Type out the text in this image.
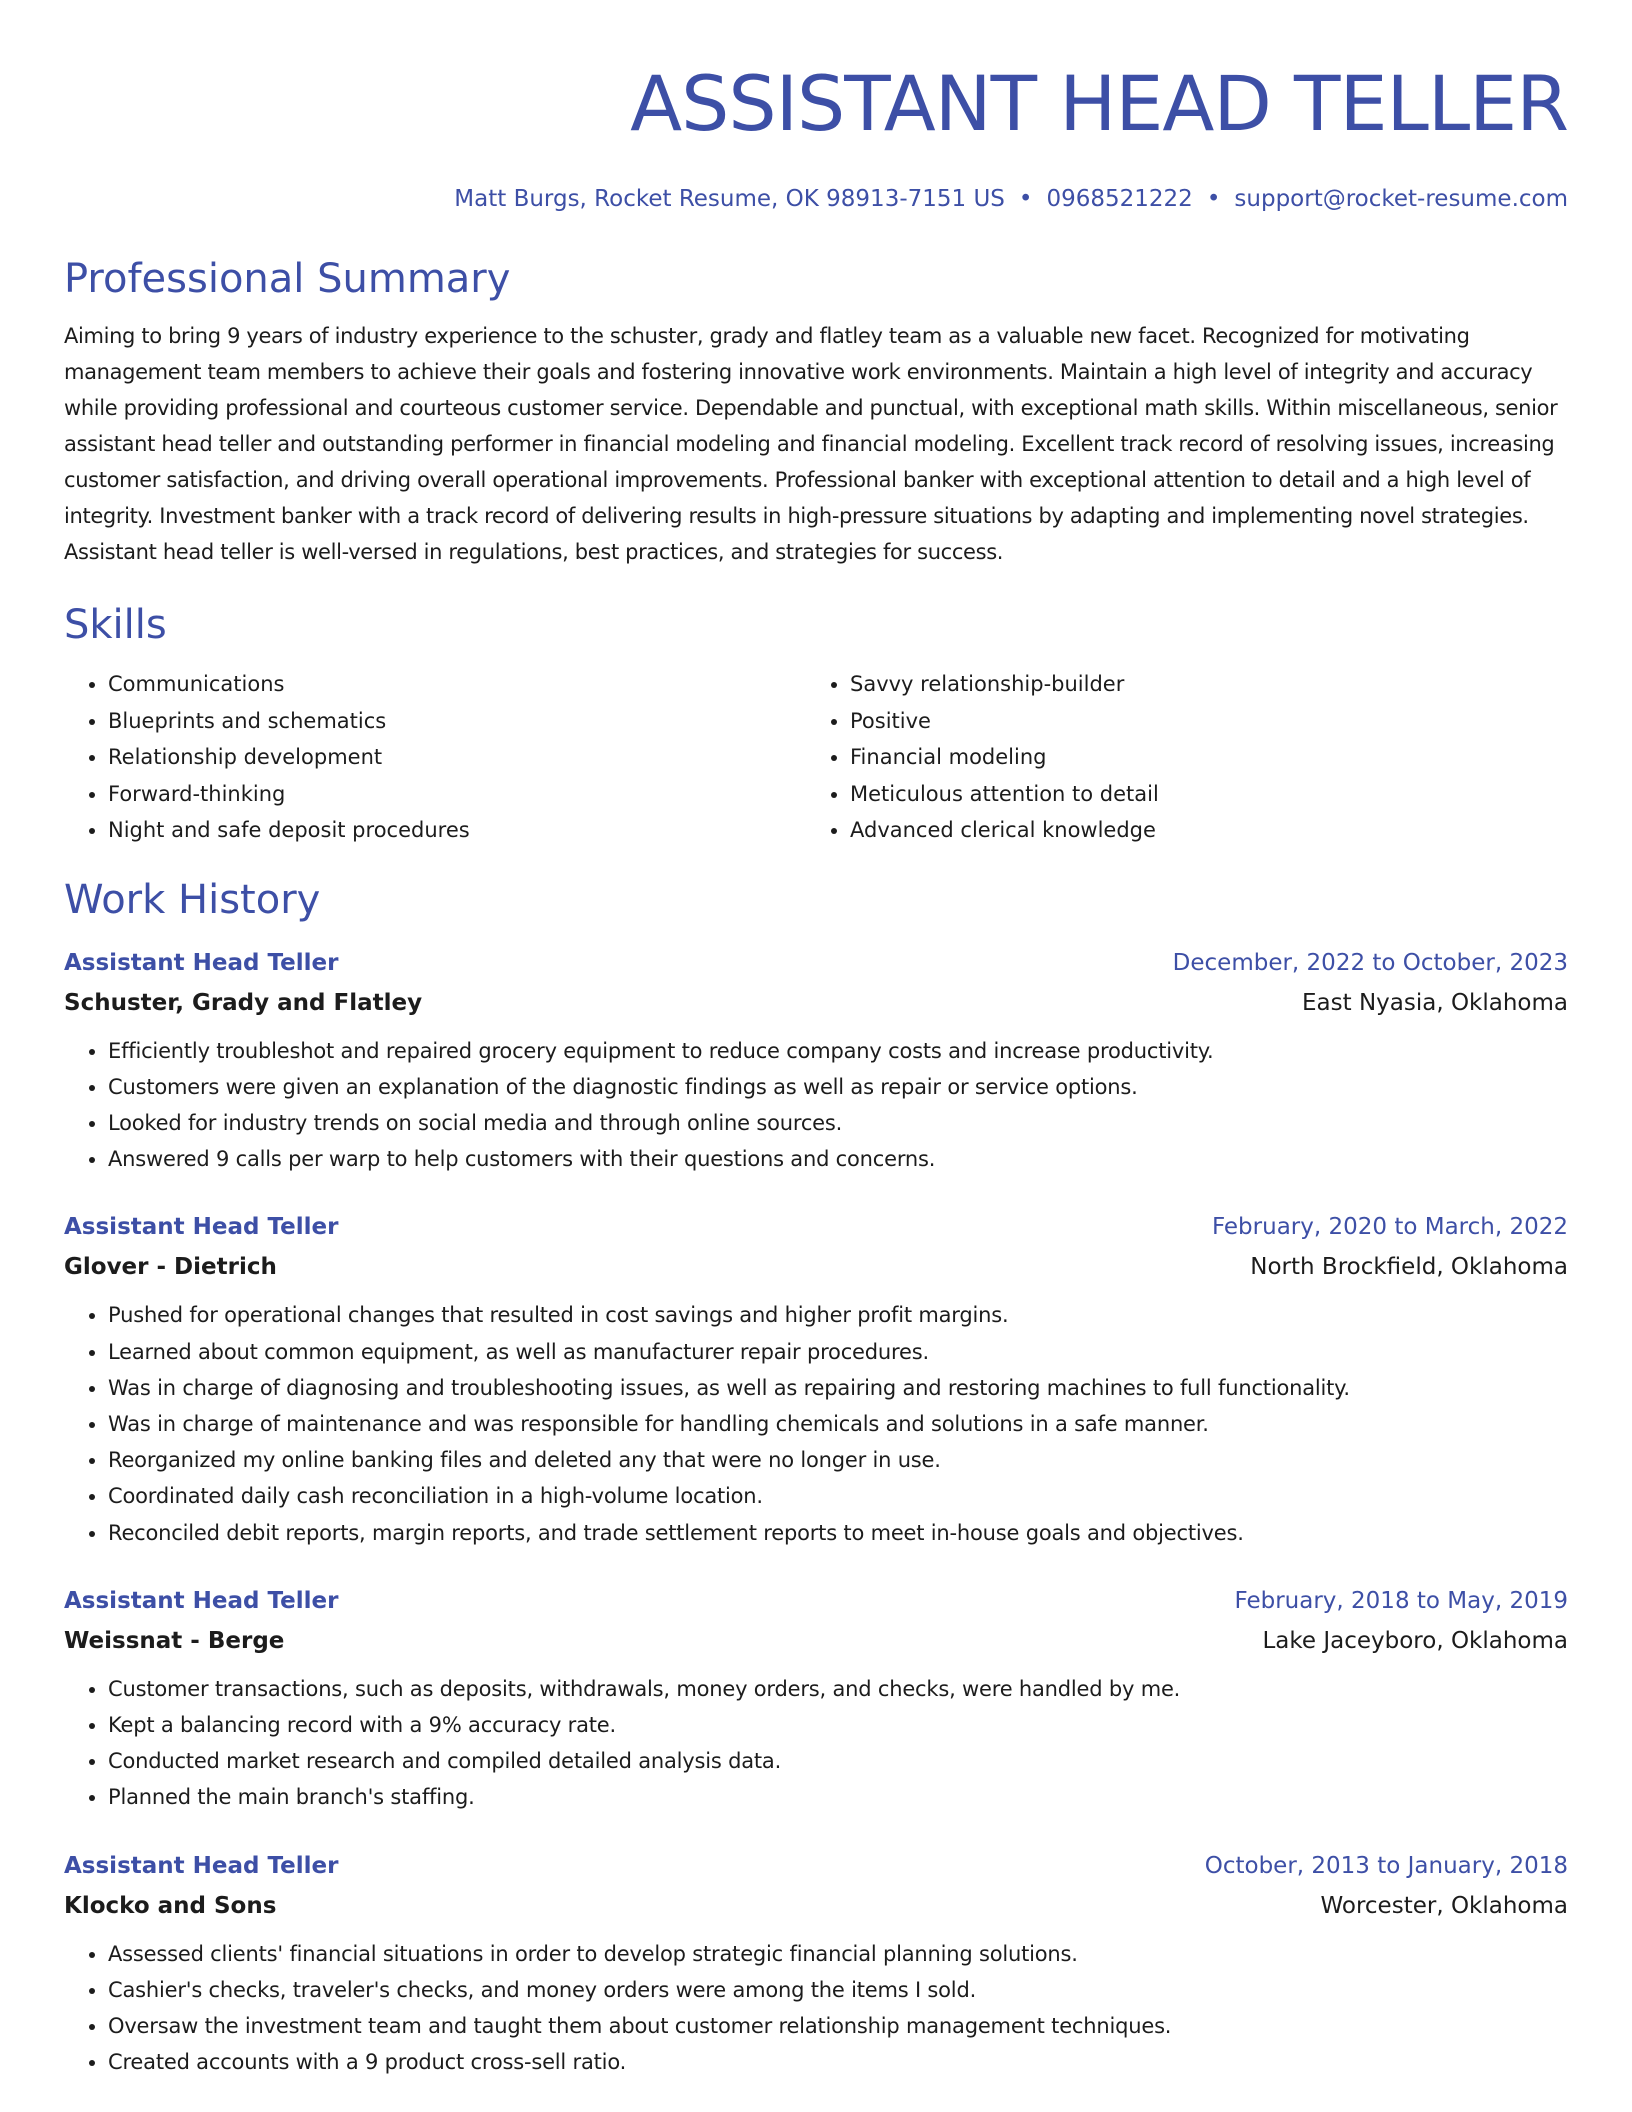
ASSISTANT HEAD TELLER
Matt Burgs, Rocket Resume, OK 98913-7151 US • 0968521222 • support@rocket-resume.com
Professional Summary

Aiming to bring 9 years of industry experience to the schuster, grady and flatley team as a valuable new facet. Recognized for motivating management team members to achieve their goals and fostering innovative work environments. Maintain a high level of integrity and accuracy while providing professional and courteous customer service. Dependable and punctual, with exceptional math skills. Within miscellaneous, senior assistant head teller and outstanding performer in financial modeling and financial modeling. Excellent track record of resolving issues, increasing customer satisfaction, and driving overall operational improvements. Professional banker with exceptional attention to detail and a high level of integrity. Investment banker with a track record of delivering results in high-pressure situations by adapting and implementing novel strategies. Assistant head teller is well-versed in regulations, best practices, and strategies for success.

Skills
• Communications
• Blueprints and schematics
• Relationship development
• Forward-thinking
• Night and safe deposit procedures
• Savvy relationship-builder
• Positive
• Financial modeling
• Meticulous attention to detail
• Advanced clerical knowledge
Work History
Assistant Head Teller	December, 2022 to October, 2023
Schuster, Grady and Flatley	East Nyasia, Oklahoma
• Efficiently troubleshot and repaired grocery equipment to reduce company costs and increase productivity.
• Customers were given an explanation of the diagnostic findings as well as repair or service options.
• Looked for industry trends on social media and through online sources.
• Answered 9 calls per warp to help customers with their questions and concerns.
Assistant Head Teller	February, 2020 to March, 2022
Glover - Dietrich	North Brockfield, Oklahoma
• Pushed for operational changes that resulted in cost savings and higher profit margins.
• Learned about common equipment, as well as manufacturer repair procedures.
• Was in charge of diagnosing and troubleshooting issues, as well as repairing and restoring machines to full functionality.
• Was in charge of maintenance and was responsible for handling chemicals and solutions in a safe manner.
• Reorganized my online banking files and deleted any that were no longer in use.
• Coordinated daily cash reconciliation in a high-volume location.
• Reconciled debit reports, margin reports, and trade settlement reports to meet in-house goals and objectives.
Assistant Head Teller	February, 2018 to May, 2019
Weissnat - Berge	Lake Jaceyboro, Oklahoma
• Customer transactions, such as deposits, withdrawals, money orders, and checks, were handled by me.
• Kept a balancing record with a 9% accuracy rate.
• Conducted market research and compiled detailed analysis data.
• Planned the main branch's staffing.
Assistant Head Teller	October, 2013 to January, 2018
Klocko and Sons	Worcester, Oklahoma
• Assessed clients' financial situations in order to develop strategic financial planning solutions.
• Cashier's checks, traveler's checks, and money orders were among the items I sold.
• Oversaw the investment team and taught them about customer relationship management techniques.
• Created accounts with a 9 product cross-sell ratio.
